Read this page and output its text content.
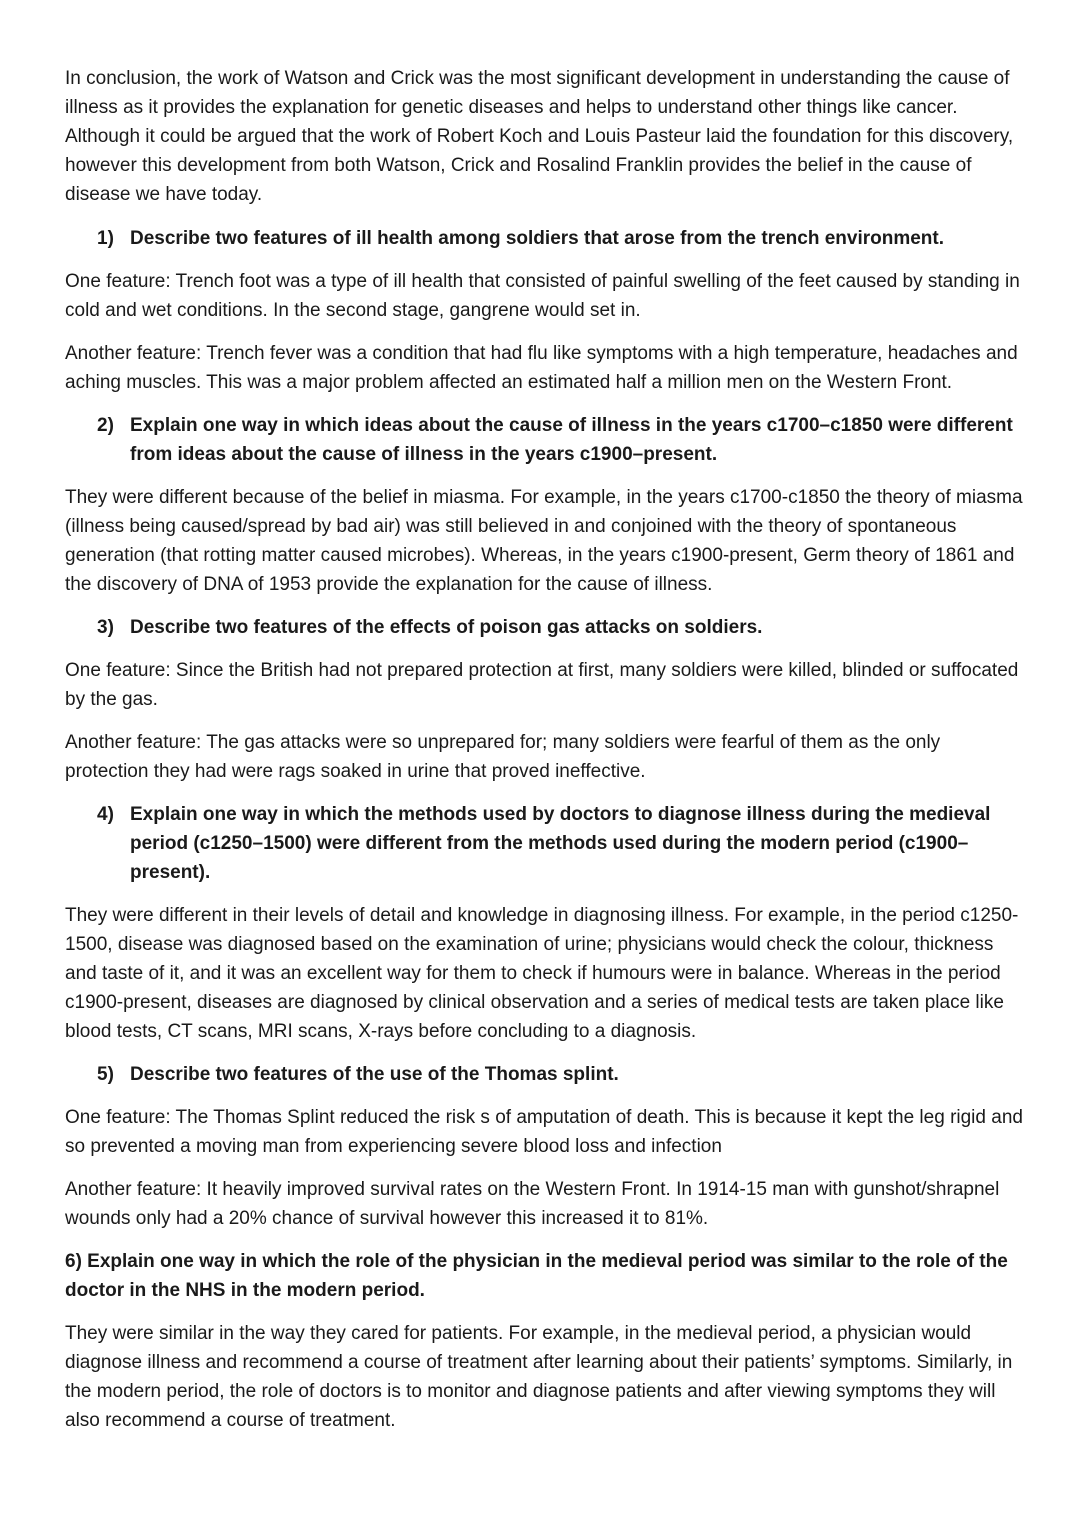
In conclusion, the work of Watson and Crick was the most significant development in understanding the cause of illness as it provides the explanation for genetic diseases and helps to understand other things like cancer. Although it could be argued that the work of Robert Koch and Louis Pasteur laid the foundation for this discovery, however this development from both Watson, Crick and Rosalind Franklin provides the belief in the cause of disease we have today.

1) Describe two features of ill health among soldiers that arose from the trench environment.

One feature: Trench foot was a type of ill health that consisted of painful swelling of the feet caused by standing in cold and wet conditions. In the second stage, gangrene would set in.

Another feature: Trench fever was a condition that had flu like symptoms with a high temperature, headaches and aching muscles. This was a major problem affected an estimated half a million men on the Western Front.

2) Explain one way in which ideas about the cause of illness in the years c1700–c1850 were different from ideas about the cause of illness in the years c1900–present.

They were different because of the belief in miasma. For example, in the years c1700-c1850 the theory of miasma (illness being caused/spread by bad air) was still believed in and conjoined with the theory of spontaneous generation (that rotting matter caused microbes). Whereas, in the years c1900-present, Germ theory of 1861 and the discovery of DNA of 1953 provide the explanation for the cause of illness.

3) Describe two features of the effects of poison gas attacks on soldiers.

One feature: Since the British had not prepared protection at first, many soldiers were killed, blinded or suffocated by the gas.

Another feature: The gas attacks were so unprepared for; many soldiers were fearful of them as the only protection they had were rags soaked in urine that proved ineffective.

4) Explain one way in which the methods used by doctors to diagnose illness during the medieval period (c1250–1500) were different from the methods used during the modern period (c1900–present).

They were different in their levels of detail and knowledge in diagnosing illness. For example, in the period c1250-1500, disease was diagnosed based on the examination of urine; physicians would check the colour, thickness and taste of it, and it was an excellent way for them to check if humours were in balance. Whereas in the period c1900-present, diseases are diagnosed by clinical observation and a series of medical tests are taken place like blood tests, CT scans, MRI scans, X-rays before concluding to a diagnosis.

5) Describe two features of the use of the Thomas splint.

One feature: The Thomas Splint reduced the risk s of amputation of death. This is because it kept the leg rigid and so prevented a moving man from experiencing severe blood loss and infection

Another feature: It heavily improved survival rates on the Western Front. In 1914-15 man with gunshot/shrapnel wounds only had a 20% chance of survival however this increased it to 81%.

6) Explain one way in which the role of the physician in the medieval period was similar to the role of the doctor in the NHS in the modern period.

They were similar in the way they cared for patients. For example, in the medieval period, a physician would diagnose illness and recommend a course of treatment after learning about their patients’ symptoms. Similarly, in the modern period, the role of doctors is to monitor and diagnose patients and after viewing symptoms they will also recommend a course of treatment.
